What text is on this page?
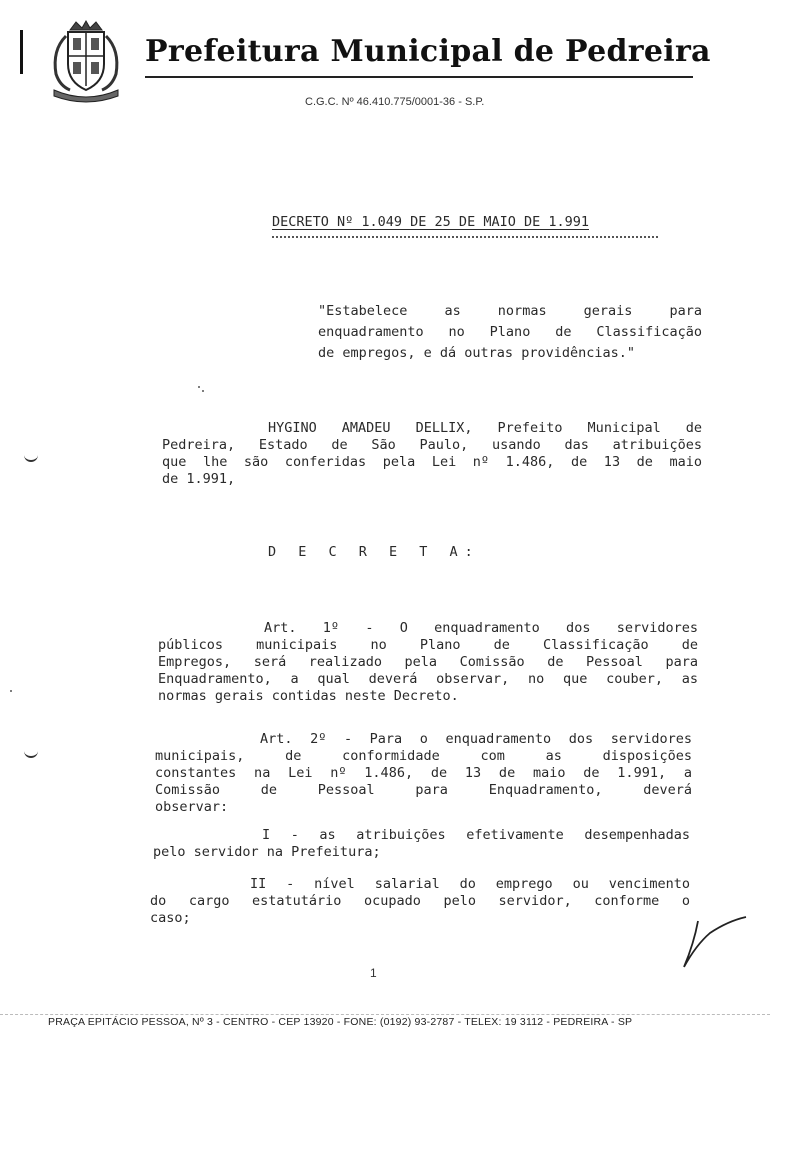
Prefeitura Municipal de Pedreira
C.G.C. Nº 46.410.775/0001-36 - S.P.
DECRETO Nº 1.049 DE 25 DE MAIO DE 1.991
"Estabelece as normas gerais para
enquadramento no Plano de Classificação
de empregos, e dá outras providências."
HYGINO AMADEU DELLIX, Prefeito Municipal de
Pedreira, Estado de São Paulo, usando das atribuições
que lhe são conferidas pela Lei nº 1.486, de 13 de maio
de 1.991,
D E C R E T A:
Art. 1º - O enquadramento dos servidores
públicos municipais no Plano de Classificação de
Empregos, será realizado pela Comissão de Pessoal para
Enquadramento, a qual deverá observar, no que couber, as
normas gerais contidas neste Decreto.
Art. 2º - Para o enquadramento dos servidores
municipais, de conformidade com as disposições
constantes na Lei nº 1.486, de 13 de maio de 1.991, a
Comissão de Pessoal para Enquadramento, deverá
observar:
I - as atribuições efetivamente desempenhadas
pelo servidor na Prefeitura;
II - nível salarial do emprego ou vencimento
do cargo estatutário ocupado pelo servidor, conforme o
caso;
1
PRAÇA EPITÁCIO PESSOA, Nº 3 - CENTRO - CEP 13920 - FONE: (0192) 93-2787 - TELEX: 19 3112 - PEDREIRA - SP
